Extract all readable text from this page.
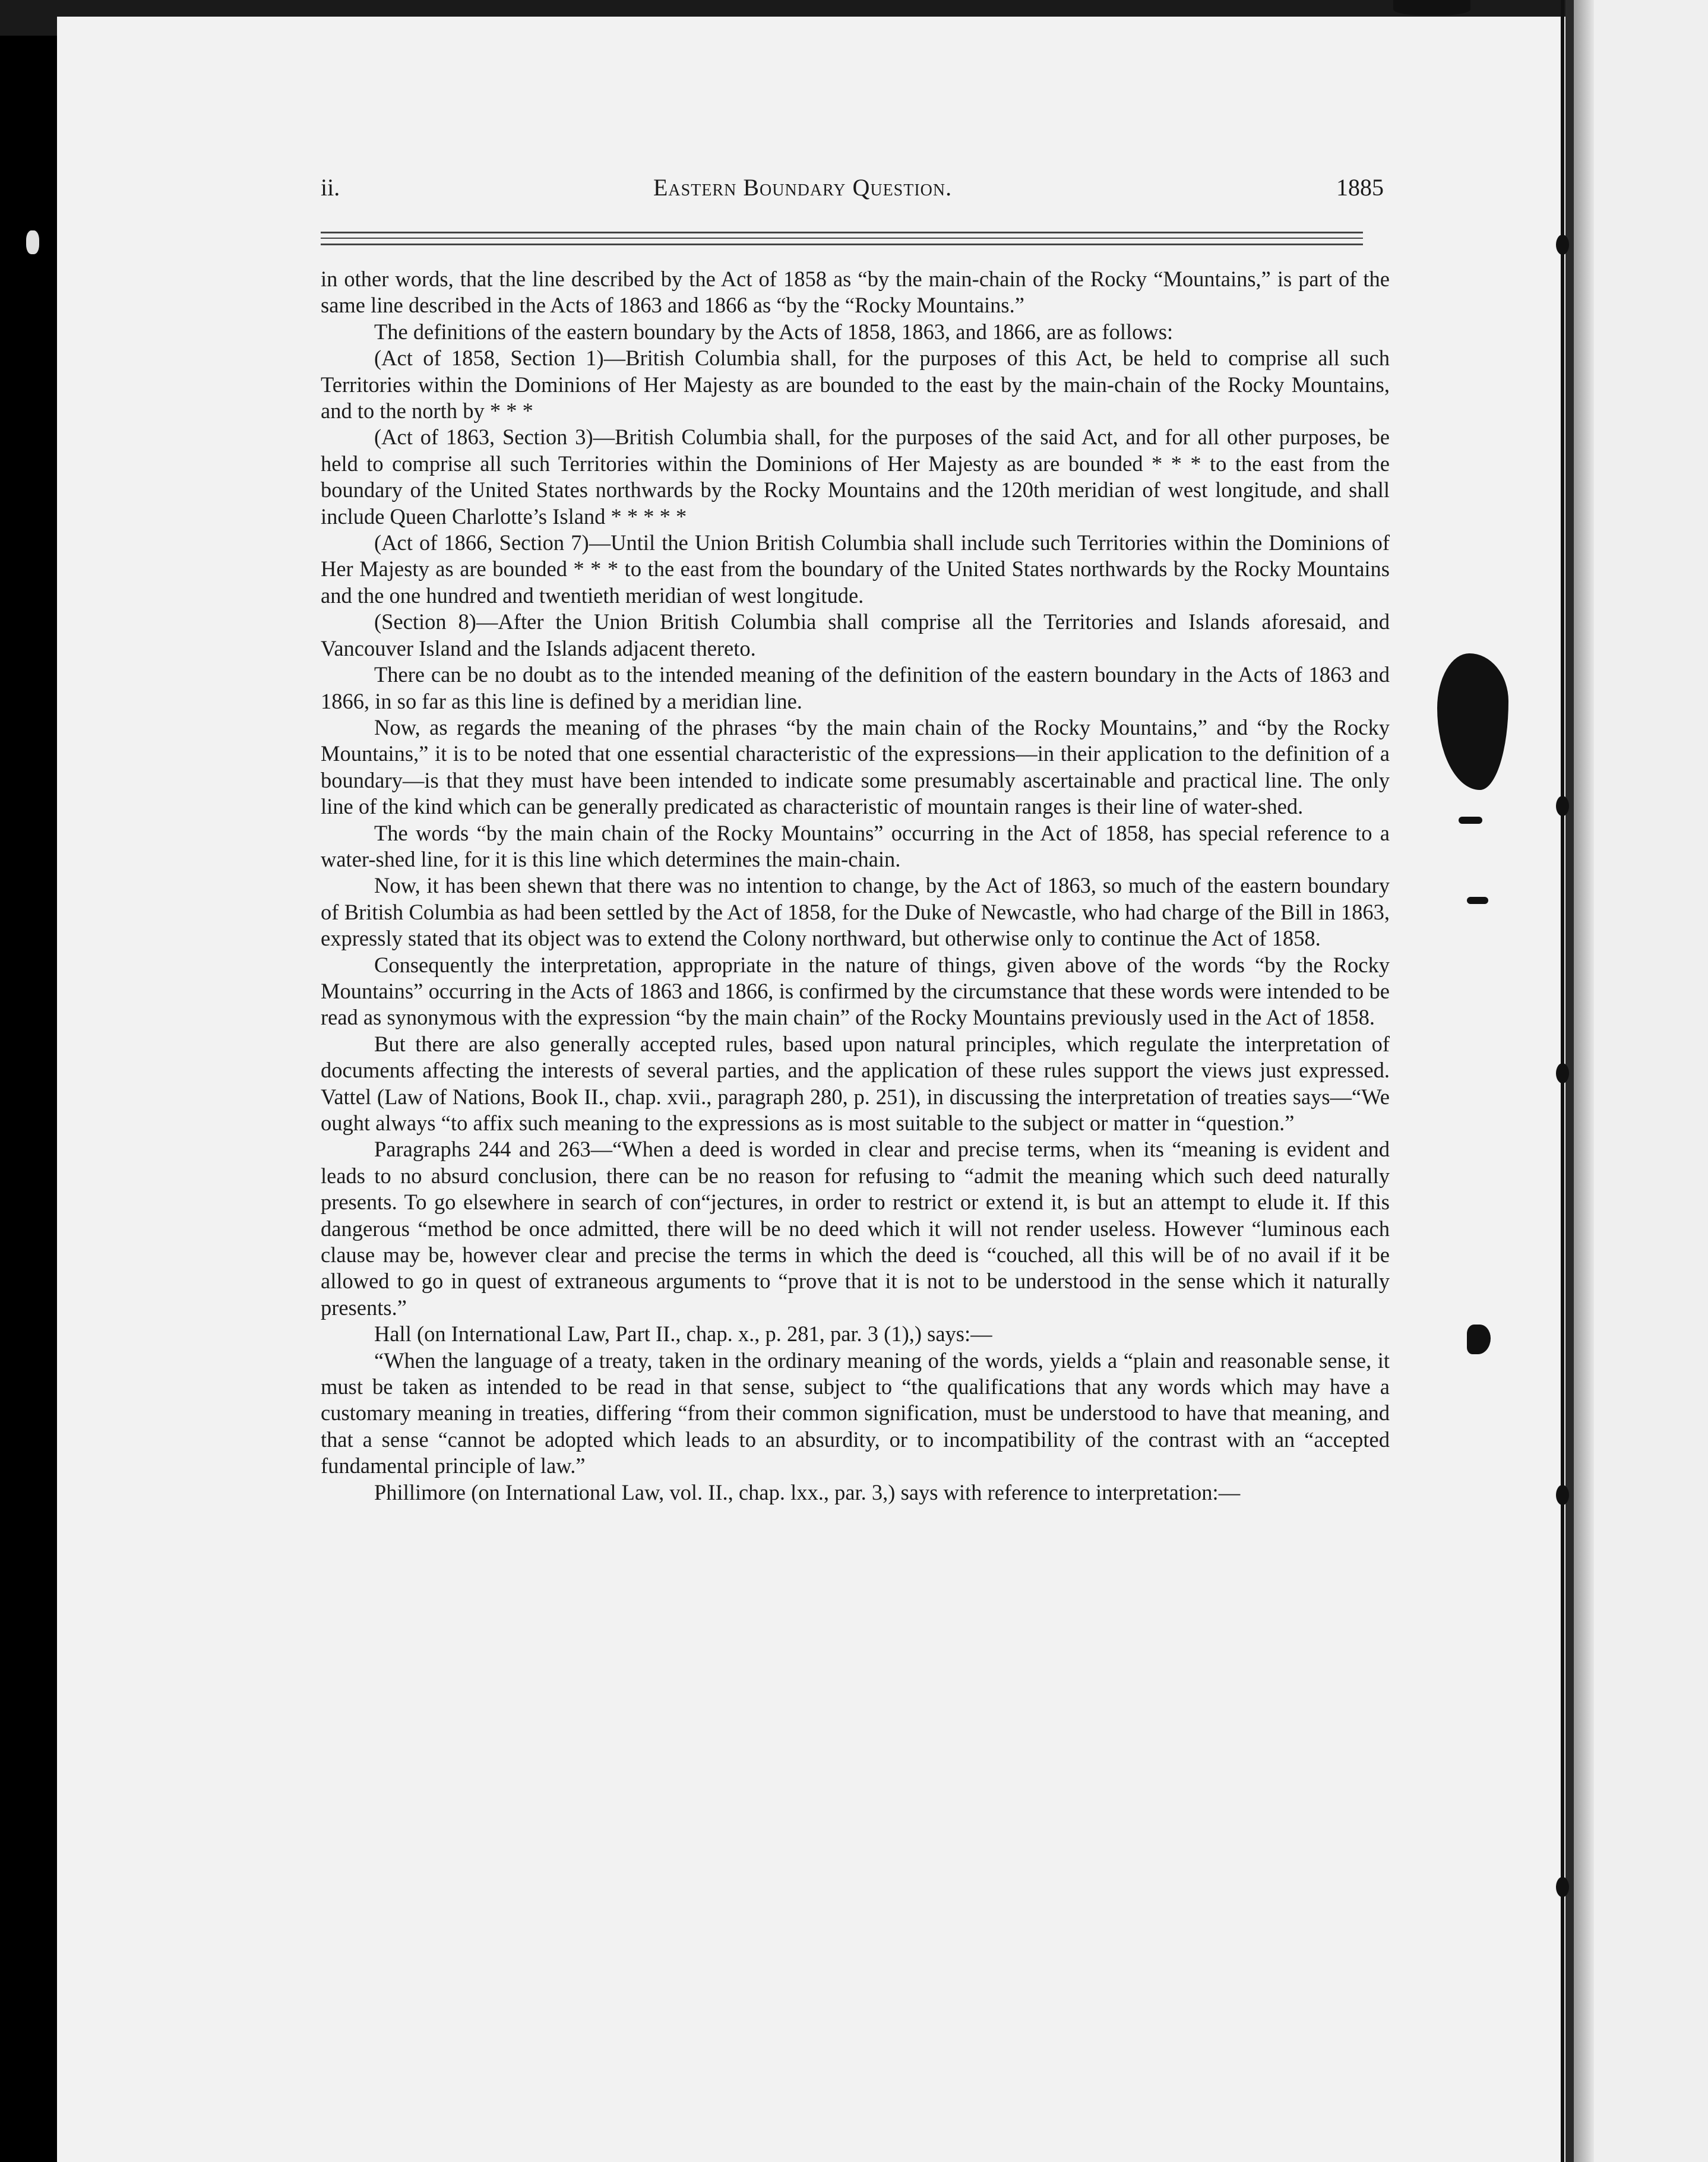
ii.	Eastern Boundary Question.	1885

in other words, that the line described by the Act of 1858 as “by the main-chain of the Rocky “Mountains,” is part of the same line described in the Acts of 1863 and 1866 as “by the “Rocky Mountains.”

The definitions of the eastern boundary by the Acts of 1858, 1863, and 1866, are as follows:

(Act of 1858, Section 1)—British Columbia shall, for the purposes of this Act, be held to comprise all such Territories within the Dominions of Her Majesty as are bounded to the east by the main-chain of the Rocky Mountains, and to the north by * * *

(Act of 1863, Section 3)—British Columbia shall, for the purposes of the said Act, and for all other purposes, be held to comprise all such Territories within the Dominions of Her Majesty as are bounded * * * to the east from the boundary of the United States northwards by the Rocky Mountains and the 120th meridian of west longitude, and shall include Queen Charlotte’s Island * * * * *

(Act of 1866, Section 7)—Until the Union British Columbia shall include such Territories within the Dominions of Her Majesty as are bounded * * * to the east from the boundary of the United States northwards by the Rocky Mountains and the one hundred and twentieth meridian of west longitude.

(Section 8)—After the Union British Columbia shall comprise all the Territories and Islands aforesaid, and Vancouver Island and the Islands adjacent thereto.

There can be no doubt as to the intended meaning of the definition of the eastern boundary in the Acts of 1863 and 1866, in so far as this line is defined by a meridian line.

Now, as regards the meaning of the phrases “by the main chain of the Rocky Mountains,” and “by the Rocky Mountains,” it is to be noted that one essential characteristic of the expressions—in their application to the definition of a boundary—is that they must have been intended to indicate some presumably ascertainable and practical line. The only line of the kind which can be generally predicated as characteristic of mountain ranges is their line of water-shed.

The words “by the main chain of the Rocky Mountains” occurring in the Act of 1858, has special reference to a water-shed line, for it is this line which determines the main-chain.

Now, it has been shewn that there was no intention to change, by the Act of 1863, so much of the eastern boundary of British Columbia as had been settled by the Act of 1858, for the Duke of Newcastle, who had charge of the Bill in 1863, expressly stated that its object was to extend the Colony northward, but otherwise only to continue the Act of 1858.

Consequently the interpretation, appropriate in the nature of things, given above of the words “by the Rocky Mountains” occurring in the Acts of 1863 and 1866, is confirmed by the circumstance that these words were intended to be read as synonymous with the expression “by the main chain” of the Rocky Mountains previously used in the Act of 1858.

But there are also generally accepted rules, based upon natural principles, which regulate the interpretation of documents affecting the interests of several parties, and the application of these rules support the views just expressed. Vattel (Law of Nations, Book II., chap. xvii., paragraph 280, p. 251), in discussing the interpretation of treaties says—“We ought always “to affix such meaning to the expressions as is most suitable to the subject or matter in “question.”

Paragraphs 244 and 263—“When a deed is worded in clear and precise terms, when its “meaning is evident and leads to no absurd conclusion, there can be no reason for refusing to “admit the meaning which such deed naturally presents. To go elsewhere in search of con“jectures, in order to restrict or extend it, is but an attempt to elude it. If this dangerous “method be once admitted, there will be no deed which it will not render useless. However “luminous each clause may be, however clear and precise the terms in which the deed is “couched, all this will be of no avail if it be allowed to go in quest of extraneous arguments to “prove that it is not to be understood in the sense which it naturally presents.”

Hall (on International Law, Part II., chap. x., p. 281, par. 3 (1),) says:—

“When the language of a treaty, taken in the ordinary meaning of the words, yields a “plain and reasonable sense, it must be taken as intended to be read in that sense, subject to “the qualifications that any words which may have a customary meaning in treaties, differing “from their common signification, must be understood to have that meaning, and that a sense “cannot be adopted which leads to an absurdity, or to incompatibility of the contrast with an “accepted fundamental principle of law.”

Phillimore (on International Law, vol. II., chap. lxx., par. 3,) says with reference to interpretation:—
